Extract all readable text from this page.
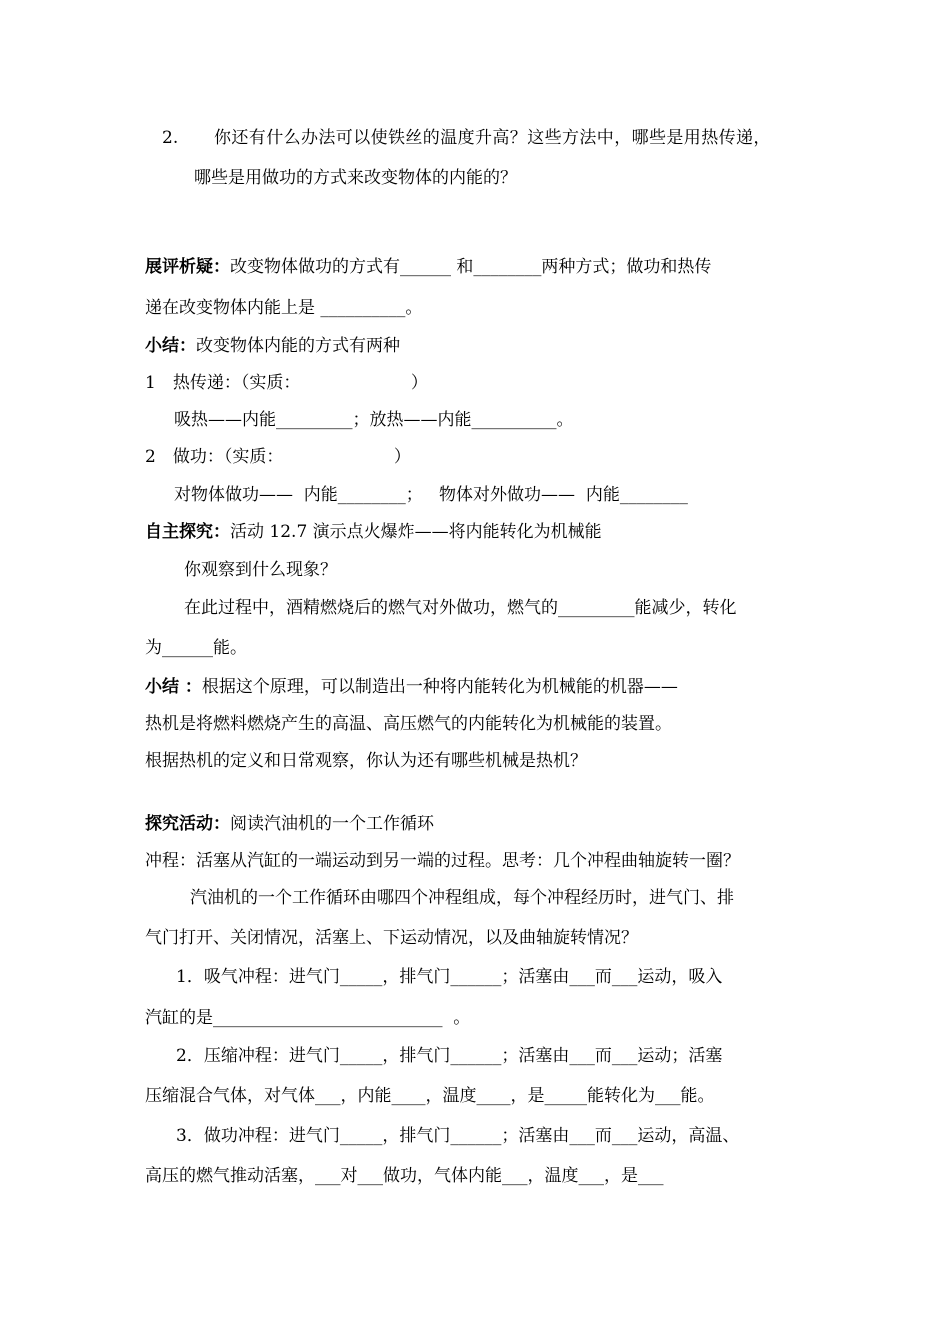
2. 你还有什么办法可以使铁丝的温度升高？这些方法中，哪些是用热传递，
哪些是用做功的方式来改变物体的内能的？
展评析疑：改变物体做功的方式有______ 和________两种方式；做功和热传
递在改变物体内能上是 __________。
小结：改变物体内能的方式有两种
1　热传递：（实质：　　　　　　　）
吸热——内能_________；放热——内能__________。
2　做功：（实质：　　　　　　　）
对物体做功——  内能________；   物体对外做功——  内能________
自主探究：活动 12.7 演示点火爆炸——将内能转化为机械能
你观察到什么现象？
在此过程中，酒精燃烧后的燃气对外做功，燃气的_________能减少，转化
为______能。
小结 ：根据这个原理，可以制造出一种将内能转化为机械能的机器——
热机是将燃料燃烧产生的高温、高压燃气的内能转化为机械能的装置。
根据热机的定义和日常观察，你认为还有哪些机械是热机？
探究活动：阅读汽油机的一个工作循环
冲程：活塞从汽缸的一端运动到另一端的过程。思考：几个冲程曲轴旋转一圈？
汽油机的一个工作循环由哪四个冲程组成，每个冲程经历时，进气门、排
气门打开、关闭情况，活塞上、下运动情况，以及曲轴旋转情况？
1．吸气冲程：进气门_____，排气门______；活塞由___而___运动，吸入
汽缸的是___________________________  。
2．压缩冲程：进气门_____，排气门______；活塞由___而___运动；活塞
压缩混合气体，对气体___，内能____，温度____，是_____能转化为___能。
3．做功冲程：进气门_____，排气门______；活塞由___而___运动，高温、
高压的燃气推动活塞，___对___做功，气体内能___，温度___，是___
